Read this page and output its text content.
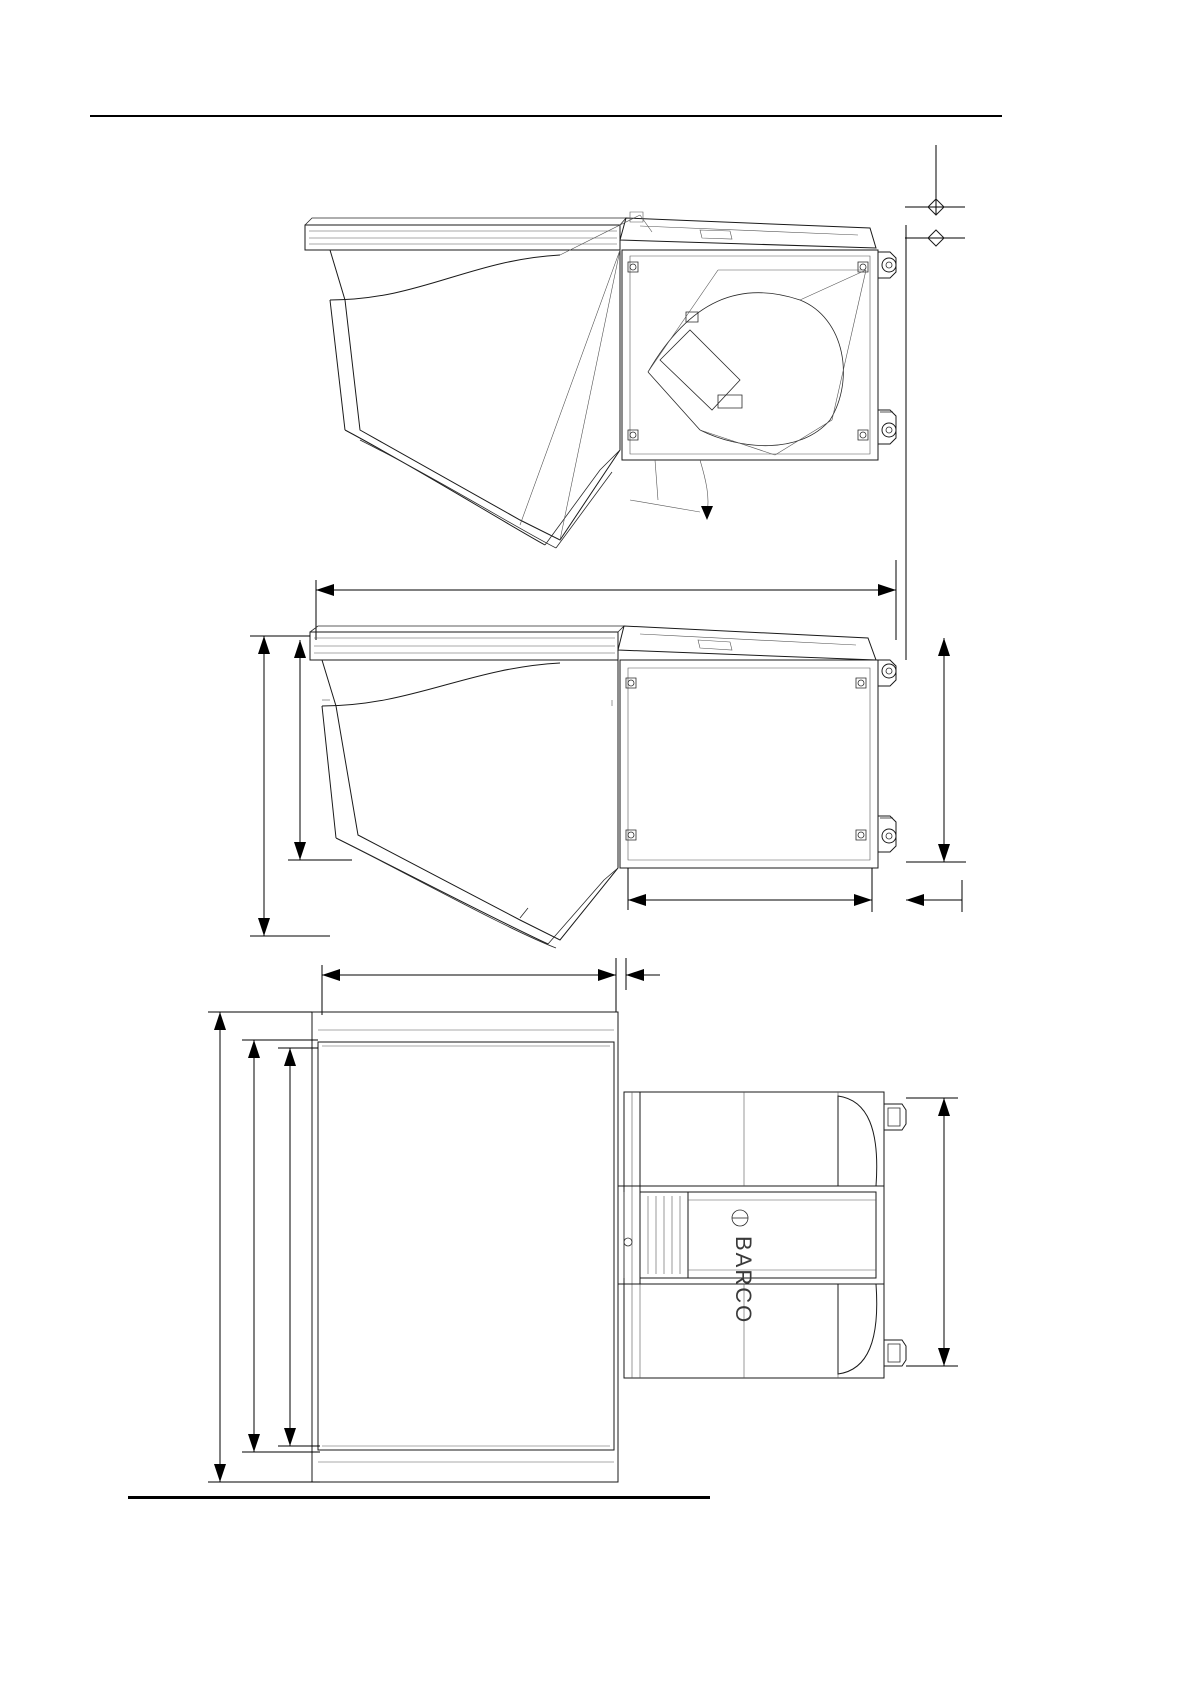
BARCO
